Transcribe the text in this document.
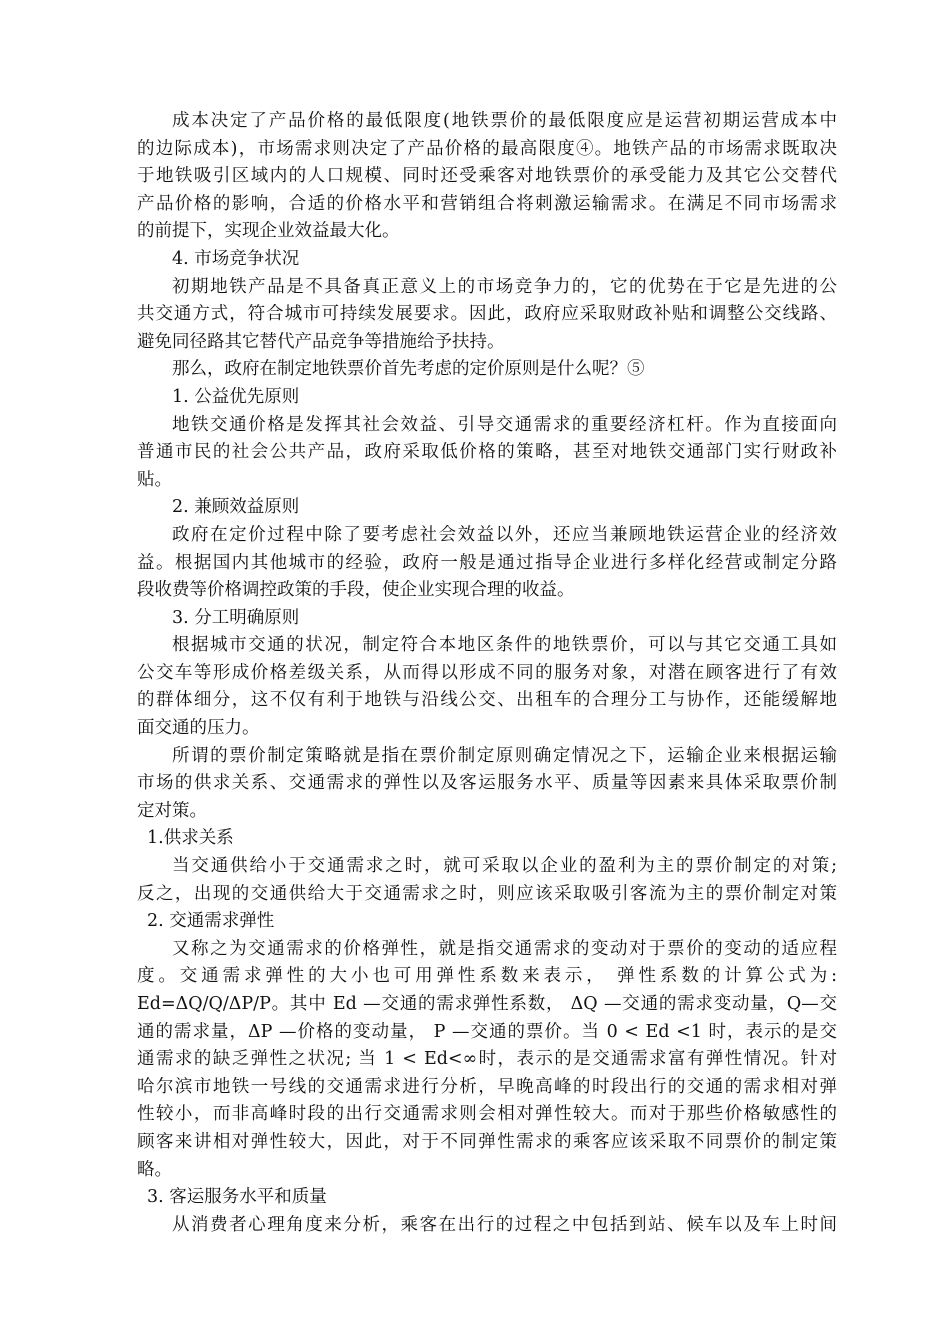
成本决定了产品价格的最低限度(地铁票价的最低限度应是运营初期运营成本中
的边际成本)，市场需求则决定了产品价格的最高限度④。地铁产品的市场需求既取决
于地铁吸引区域内的人口规模、同时还受乘客对地铁票价的承受能力及其它公交替代
产品价格的影响，合适的价格水平和营销组合将刺激运输需求。在满足不同市场需求
的前提下，实现企业效益最大化。
4. 市场竞争状况
初期地铁产品是不具备真正意义上的市场竞争力的，它的优势在于它是先进的公
共交通方式，符合城市可持续发展要求。因此，政府应采取财政补贴和调整公交线路、
避免同径路其它替代产品竞争等措施给予扶持。
那么，政府在制定地铁票价首先考虑的定价原则是什么呢？⑤
1. 公益优先原则
地铁交通价格是发挥其社会效益、引导交通需求的重要经济杠杆。作为直接面向
普通市民的社会公共产品，政府采取低价格的策略，甚至对地铁交通部门实行财政补
贴。
2. 兼顾效益原则
政府在定价过程中除了要考虑社会效益以外，还应当兼顾地铁运营企业的经济效
益。根据国内其他城市的经验，政府一般是通过指导企业进行多样化经营或制定分路
段收费等价格调控政策的手段，使企业实现合理的收益。
3. 分工明确原则
根据城市交通的状况，制定符合本地区条件的地铁票价，可以与其它交通工具如
公交车等形成价格差级关系，从而得以形成不同的服务对象，对潜在顾客进行了有效
的群体细分，这不仅有利于地铁与沿线公交、出租车的合理分工与协作，还能缓解地
面交通的压力。
所谓的票价制定策略就是指在票价制定原则确定情况之下，运输企业来根据运输
市场的供求关系、交通需求的弹性以及客运服务水平、质量等因素来具体采取票价制
定对策。
1.供求关系
当交通供给小于交通需求之时，就可采取以企业的盈利为主的票价制定的对策;
反之，出现的交通供给大于交通需求之时，则应该采取吸引客流为主的票价制定对策
2. 交通需求弹性
又称之为交通需求的价格弹性，就是指交通需求的变动对于票价的变动的适应程
度。交通需求弹性的大小也可用弹性系数来表示， 弹性系数的计算公式为:
Ed=ΔQ/Q/ΔP/P。其中 Ed —交通的需求弹性系数， ΔQ —交通的需求变动量，Q—交
通的需求量，ΔP —价格的变动量， P —交通的票价。当 0 < Ed <1 时，表示的是交
通需求的缺乏弹性之状况; 当 1 < Ed<∞时，表示的是交通需求富有弹性情况。针对
哈尔滨市地铁一号线的交通需求进行分析，早晚高峰的时段出行的交通的需求相对弹
性较小，而非高峰时段的出行交通需求则会相对弹性较大。而对于那些价格敏感性的
顾客来讲相对弹性较大，因此，对于不同弹性需求的乘客应该采取不同票价的制定策
略。
3. 客运服务水平和质量
从消费者心理角度来分析，乘客在出行的过程之中包括到站、候车以及车上时间
